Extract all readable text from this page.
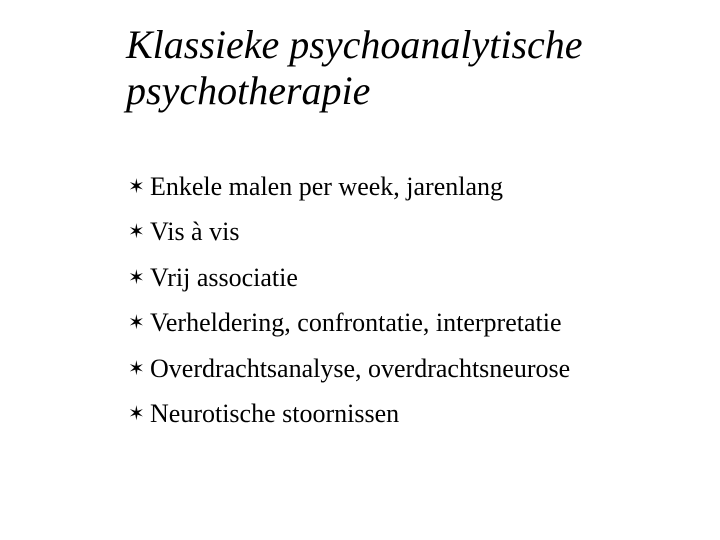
Klassieke psychoanalytische
psychotherapie
✶ Enkele malen per week, jarenlang
✶ Vis à vis
✶ Vrij associatie
✶ Verheldering, confrontatie, interpretatie
✶ Overdrachtsanalyse, overdrachtsneurose
✶ Neurotische stoornissen
